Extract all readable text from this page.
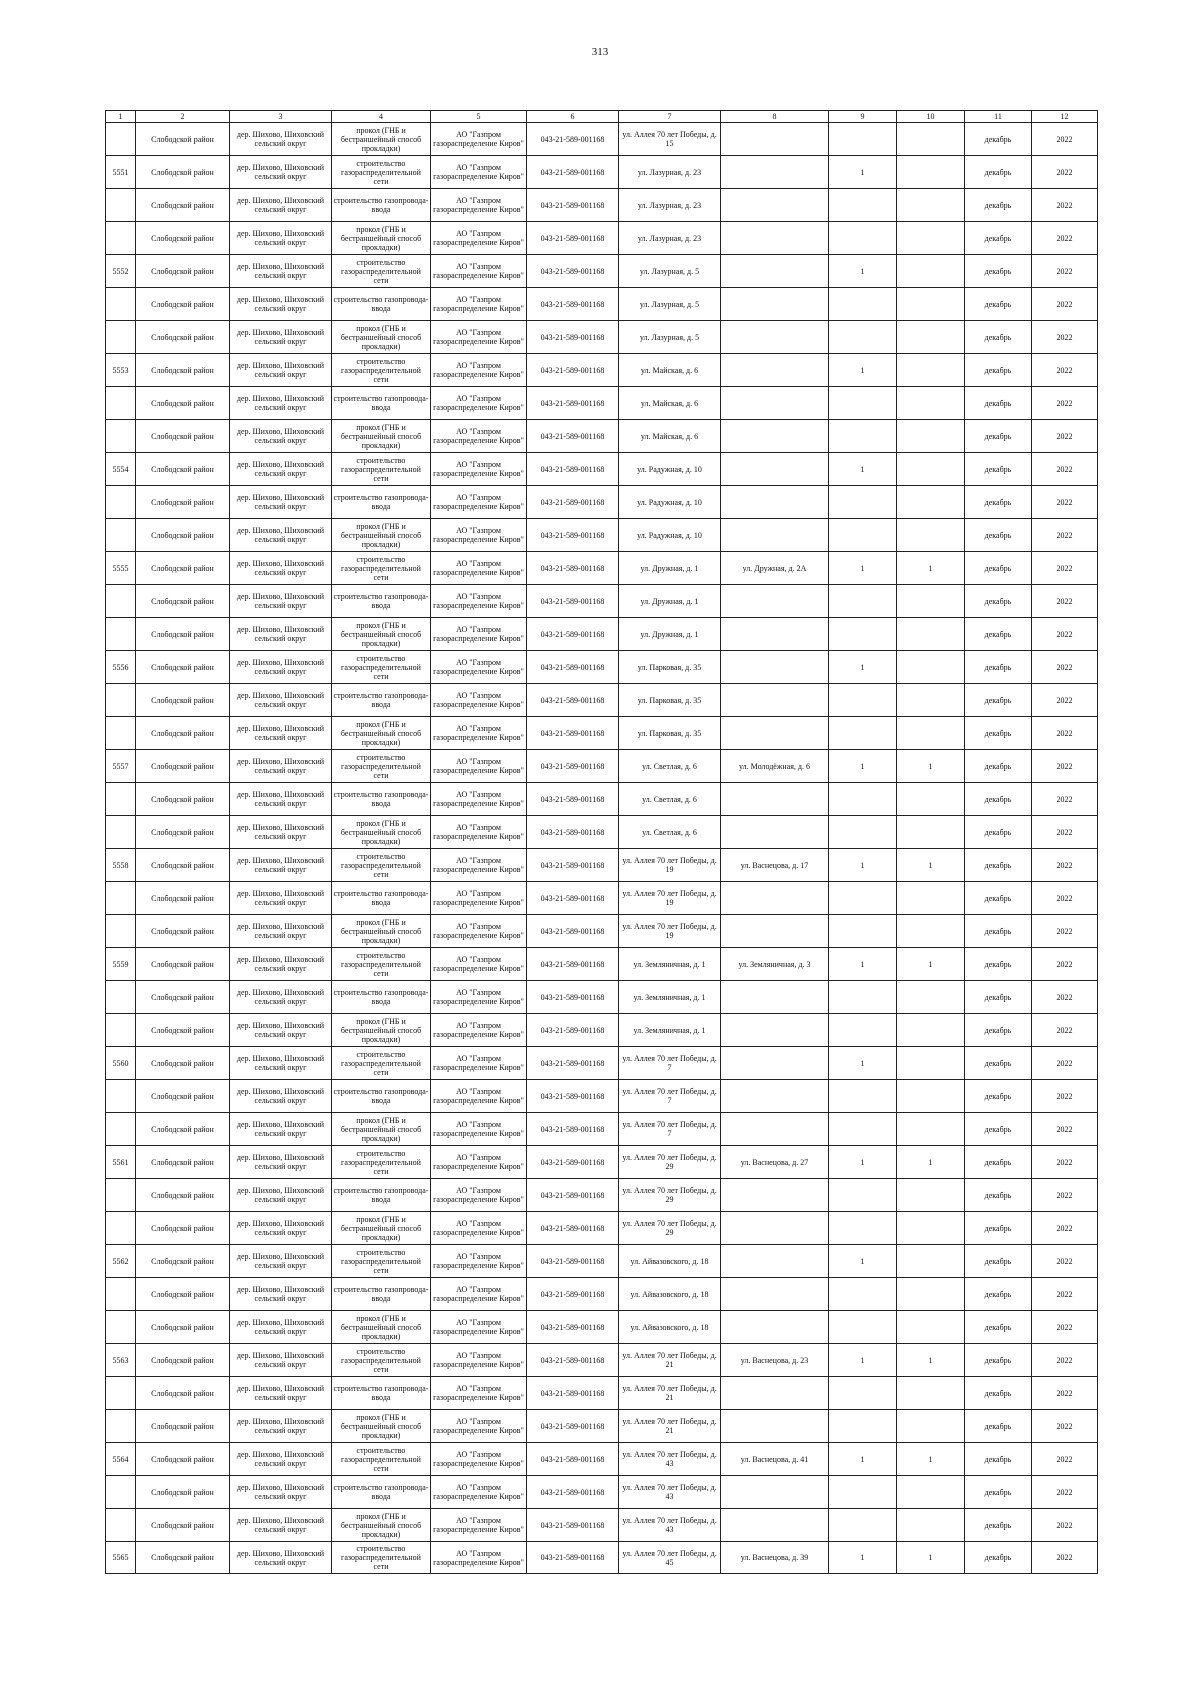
313
1	2	3	4	5	6	7	8	9	10	11	12

	Слободской район	дер. Шихово, Шиховский сельский округ	прокол (ГНБ и бестраншейный способ прокладки)	АО "Газпром газораспределение Киров"	043-21-589-001168	ул. Аллея 70 лет Победы, д. 15				декабрь	2022

5551	Слободской район	дер. Шихово, Шиховский сельский округ	строительство газораспределительной сети	АО "Газпром газораспределение Киров"	043-21-589-001168	ул. Лазурная, д. 23		1		декабрь	2022

	Слободской район	дер. Шихово, Шиховский сельский округ	строительство газопровода-ввода	АО "Газпром газораспределение Киров"	043-21-589-001168	ул. Лазурная, д. 23				декабрь	2022

	Слободской район	дер. Шихово, Шиховский сельский округ	прокол (ГНБ и бестраншейный способ прокладки)	АО "Газпром газораспределение Киров"	043-21-589-001168	ул. Лазурная, д. 23				декабрь	2022

5552	Слободской район	дер. Шихово, Шиховский сельский округ	строительство газораспределительной сети	АО "Газпром газораспределение Киров"	043-21-589-001168	ул. Лазурная, д. 5		1		декабрь	2022

	Слободской район	дер. Шихово, Шиховский сельский округ	строительство газопровода-ввода	АО "Газпром газораспределение Киров"	043-21-589-001168	ул. Лазурная, д. 5				декабрь	2022

	Слободской район	дер. Шихово, Шиховский сельский округ	прокол (ГНБ и бестраншейный способ прокладки)	АО "Газпром газораспределение Киров"	043-21-589-001168	ул. Лазурная, д. 5				декабрь	2022

5553	Слободской район	дер. Шихово, Шиховский сельский округ	строительство газораспределительной сети	АО "Газпром газораспределение Киров"	043-21-589-001168	ул. Майская, д. 6		1		декабрь	2022

	Слободской район	дер. Шихово, Шиховский сельский округ	строительство газопровода-ввода	АО "Газпром газораспределение Киров"	043-21-589-001168	ул. Майская, д. 6				декабрь	2022

	Слободской район	дер. Шихово, Шиховский сельский округ	прокол (ГНБ и бестраншейный способ прокладки)	АО "Газпром газораспределение Киров"	043-21-589-001168	ул. Майская, д. 6				декабрь	2022

5554	Слободской район	дер. Шихово, Шиховский сельский округ	строительство газораспределительной сети	АО "Газпром газораспределение Киров"	043-21-589-001168	ул. Радужная, д. 10		1		декабрь	2022

	Слободской район	дер. Шихово, Шиховский сельский округ	строительство газопровода-ввода	АО "Газпром газораспределение Киров"	043-21-589-001168	ул. Радужная, д. 10				декабрь	2022

	Слободской район	дер. Шихово, Шиховский сельский округ	прокол (ГНБ и бестраншейный способ прокладки)	АО "Газпром газораспределение Киров"	043-21-589-001168	ул. Радужная, д. 10				декабрь	2022

5555	Слободской район	дер. Шихово, Шиховский сельский округ	строительство газораспределительной сети	АО "Газпром газораспределение Киров"	043-21-589-001168	ул. Дружная, д. 1	ул. Дружная, д. 2А	1	1	декабрь	2022

	Слободской район	дер. Шихово, Шиховский сельский округ	строительство газопровода-ввода	АО "Газпром газораспределение Киров"	043-21-589-001168	ул. Дружная, д. 1				декабрь	2022

	Слободской район	дер. Шихово, Шиховский сельский округ	прокол (ГНБ и бестраншейный способ прокладки)	АО "Газпром газораспределение Киров"	043-21-589-001168	ул. Дружная, д. 1				декабрь	2022

5556	Слободской район	дер. Шихово, Шиховский сельский округ	строительство газораспределительной сети	АО "Газпром газораспределение Киров"	043-21-589-001168	ул. Парковая, д. 35		1		декабрь	2022

	Слободской район	дер. Шихово, Шиховский сельский округ	строительство газопровода-ввода	АО "Газпром газораспределение Киров"	043-21-589-001168	ул. Парковая, д. 35				декабрь	2022

	Слободской район	дер. Шихово, Шиховский сельский округ	прокол (ГНБ и бестраншейный способ прокладки)	АО "Газпром газораспределение Киров"	043-21-589-001168	ул. Парковая, д. 35				декабрь	2022

5557	Слободской район	дер. Шихово, Шиховский сельский округ	строительство газораспределительной сети	АО "Газпром газораспределение Киров"	043-21-589-001168	ул. Светлая, д. 6	ул. Молодёжная, д. 6	1	1	декабрь	2022

	Слободской район	дер. Шихово, Шиховский сельский округ	строительство газопровода-ввода	АО "Газпром газораспределение Киров"	043-21-589-001168	ул. Светлая, д. 6				декабрь	2022

	Слободской район	дер. Шихово, Шиховский сельский округ	прокол (ГНБ и бестраншейный способ прокладки)	АО "Газпром газораспределение Киров"	043-21-589-001168	ул. Светлая, д. 6				декабрь	2022

5558	Слободской район	дер. Шихово, Шиховский сельский округ	строительство газораспределительной сети	АО "Газпром газораспределение Киров"	043-21-589-001168	ул. Аллея 70 лет Победы, д. 19	ул. Васнецова, д. 17	1	1	декабрь	2022

	Слободской район	дер. Шихово, Шиховский сельский округ	строительство газопровода-ввода	АО "Газпром газораспределение Киров"	043-21-589-001168	ул. Аллея 70 лет Победы, д. 19				декабрь	2022

	Слободской район	дер. Шихово, Шиховский сельский округ	прокол (ГНБ и бестраншейный способ прокладки)	АО "Газпром газораспределение Киров"	043-21-589-001168	ул. Аллея 70 лет Победы, д. 19				декабрь	2022

5559	Слободской район	дер. Шихово, Шиховский сельский округ	строительство газораспределительной сети	АО "Газпром газораспределение Киров"	043-21-589-001168	ул. Земляничная, д. 1	ул. Земляничная, д. 3	1	1	декабрь	2022

	Слободской район	дер. Шихово, Шиховский сельский округ	строительство газопровода-ввода	АО "Газпром газораспределение Киров"	043-21-589-001168	ул. Земляничная, д. 1				декабрь	2022

	Слободской район	дер. Шихово, Шиховский сельский округ	прокол (ГНБ и бестраншейный способ прокладки)	АО "Газпром газораспределение Киров"	043-21-589-001168	ул. Земляничная, д. 1				декабрь	2022

5560	Слободской район	дер. Шихово, Шиховский сельский округ	строительство газораспределительной сети	АО "Газпром газораспределение Киров"	043-21-589-001168	ул. Аллея 70 лет Победы, д. 7		1		декабрь	2022

	Слободской район	дер. Шихово, Шиховский сельский округ	строительство газопровода-ввода	АО "Газпром газораспределение Киров"	043-21-589-001168	ул. Аллея 70 лет Победы, д. 7				декабрь	2022

	Слободской район	дер. Шихово, Шиховский сельский округ	прокол (ГНБ и бестраншейный способ прокладки)	АО "Газпром газораспределение Киров"	043-21-589-001168	ул. Аллея 70 лет Победы, д. 7				декабрь	2022

5561	Слободской район	дер. Шихово, Шиховский сельский округ	строительство газораспределительной сети	АО "Газпром газораспределение Киров"	043-21-589-001168	ул. Аллея 70 лет Победы, д. 29	ул. Васнецова, д. 27	1	1	декабрь	2022

	Слободской район	дер. Шихово, Шиховский сельский округ	строительство газопровода-ввода	АО "Газпром газораспределение Киров"	043-21-589-001168	ул. Аллея 70 лет Победы, д. 29				декабрь	2022

	Слободской район	дер. Шихово, Шиховский сельский округ	прокол (ГНБ и бестраншейный способ прокладки)	АО "Газпром газораспределение Киров"	043-21-589-001168	ул. Аллея 70 лет Победы, д. 29				декабрь	2022

5562	Слободской район	дер. Шихово, Шиховский сельский округ	строительство газораспределительной сети	АО "Газпром газораспределение Киров"	043-21-589-001168	ул. Айвазовского, д. 18		1		декабрь	2022

	Слободской район	дер. Шихово, Шиховский сельский округ	строительство газопровода-ввода	АО "Газпром газораспределение Киров"	043-21-589-001168	ул. Айвазовского, д. 18				декабрь	2022

	Слободской район	дер. Шихово, Шиховский сельский округ	прокол (ГНБ и бестраншейный способ прокладки)	АО "Газпром газораспределение Киров"	043-21-589-001168	ул. Айвазовского, д. 18				декабрь	2022

5563	Слободской район	дер. Шихово, Шиховский сельский округ	строительство газораспределительной сети	АО "Газпром газораспределение Киров"	043-21-589-001168	ул. Аллея 70 лет Победы, д. 21	ул. Васнецова, д. 23	1	1	декабрь	2022

	Слободской район	дер. Шихово, Шиховский сельский округ	строительство газопровода-ввода	АО "Газпром газораспределение Киров"	043-21-589-001168	ул. Аллея 70 лет Победы, д. 21				декабрь	2022

	Слободской район	дер. Шихово, Шиховский сельский округ	прокол (ГНБ и бестраншейный способ прокладки)	АО "Газпром газораспределение Киров"	043-21-589-001168	ул. Аллея 70 лет Победы, д. 21				декабрь	2022

5564	Слободской район	дер. Шихово, Шиховский сельский округ	строительство газораспределительной сети	АО "Газпром газораспределение Киров"	043-21-589-001168	ул. Аллея 70 лет Победы, д. 43	ул. Васнецова, д. 41	1	1	декабрь	2022

	Слободской район	дер. Шихово, Шиховский сельский округ	строительство газопровода-ввода	АО "Газпром газораспределение Киров"	043-21-589-001168	ул. Аллея 70 лет Победы, д. 43				декабрь	2022

	Слободской район	дер. Шихово, Шиховский сельский округ	прокол (ГНБ и бестраншейный способ прокладки)	АО "Газпром газораспределение Киров"	043-21-589-001168	ул. Аллея 70 лет Победы, д. 43				декабрь	2022

5565	Слободской район	дер. Шихово, Шиховский сельский округ	строительство газораспределительной сети	АО "Газпром газораспределение Киров"	043-21-589-001168	ул. Аллея 70 лет Победы, д. 45	ул. Васнецова, д. 39	1	1	декабрь	2022
